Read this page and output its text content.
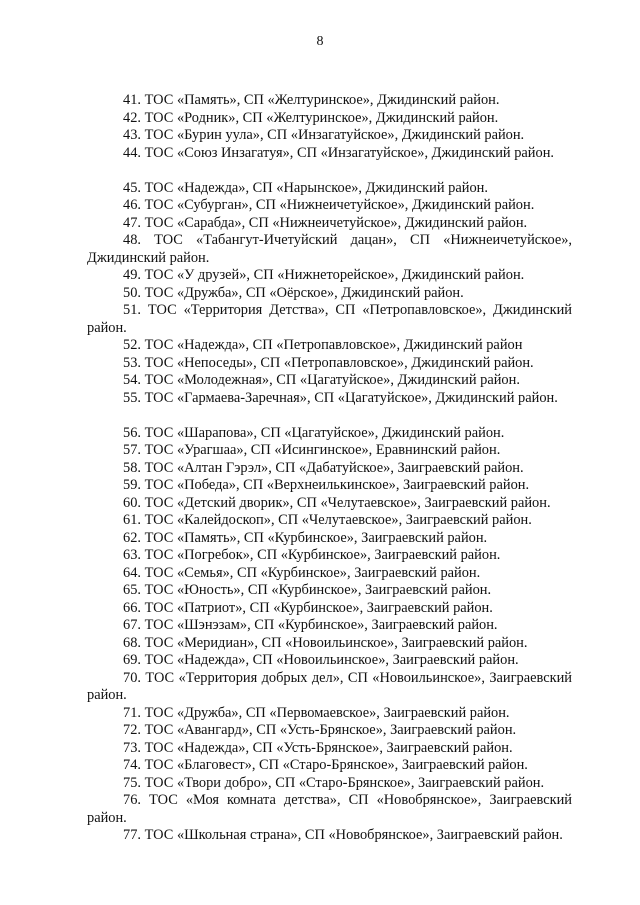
8

41. ТОС «Память», СП «Желтуринское», Джидинский район.

42. ТОС «Родник», СП «Желтуринское», Джидинский район.

43. ТОС «Бурин уула», СП «Инзагатуйское», Джидинский район.

44. ТОС «Союз Инзагатуя», СП «Инзагатуйское», Джидинский район.

45. ТОС «Надежда», СП «Нарынское», Джидинский район.

46. ТОС «Субурган», СП «Нижнеичетуйское», Джидинский район.

47. ТОС «Сарабда», СП «Нижнеичетуйское», Джидинский район.

48. ТОС «Табангут-Ичетуйский дацан», СП «Нижнеичетуйское», Джидинский район.

49. ТОС «У друзей», СП «Нижнеторейское», Джидинский район.

50. ТОС «Дружба», СП «Оёрское», Джидинский район.

51. ТОС «Территория Детства», СП «Петропавловское», Джидинский район.

52. ТОС «Надежда», СП «Петропавловское», Джидинский район

53. ТОС «Непоседы», СП «Петропавловское», Джидинский район.

54. ТОС «Молодежная», СП «Цагатуйское», Джидинский район.

55. ТОС «Гармаева-Заречная», СП «Цагатуйское», Джидинский район.

56. ТОС «Шарапова», СП «Цагатуйское», Джидинский район.

57. ТОС «Урагшаа», СП «Исингинское», Еравнинский район.

58. ТОС «Алтан Гэрэл», СП «Дабатуйское», Заиграевский район.

59. ТОС «Победа», СП «Верхнеилькинское», Заиграевский район.

60. ТОС «Детский дворик», СП «Челутаевское», Заиграевский район.

61. ТОС «Калейдоскоп», СП «Челутаевское», Заиграевский район.

62. ТОС «Память», СП «Курбинское», Заиграевский район.

63. ТОС «Погребок», СП «Курбинское», Заиграевский район.

64. ТОС «Семья», СП «Курбинское», Заиграевский район.

65. ТОС «Юность», СП «Курбинское», Заиграевский район.

66. ТОС «Патриот», СП «Курбинское», Заиграевский район.

67. ТОС «Шэнэзам», СП «Курбинское», Заиграевский район.

68. ТОС «Меридиан», СП «Новоильинское», Заиграевский район.

69. ТОС «Надежда», СП «Новоильинское», Заиграевский район.

70. ТОС «Территория добрых дел», СП «Новоильинское», Заиграевский район.

71. ТОС «Дружба», СП «Первомаевское», Заиграевский район.

72. ТОС «Авангард», СП «Усть-Брянское», Заиграевский район.

73. ТОС «Надежда», СП «Усть-Брянское», Заиграевский район.

74. ТОС «Благовест», СП «Старо-Брянское», Заиграевский район.

75. ТОС «Твори добро», СП «Старо-Брянское», Заиграевский район.

76. ТОС «Моя комната детства», СП «Новобрянское», Заиграевский район.

77. ТОС «Школьная страна», СП «Новобрянское», Заиграевский район.
